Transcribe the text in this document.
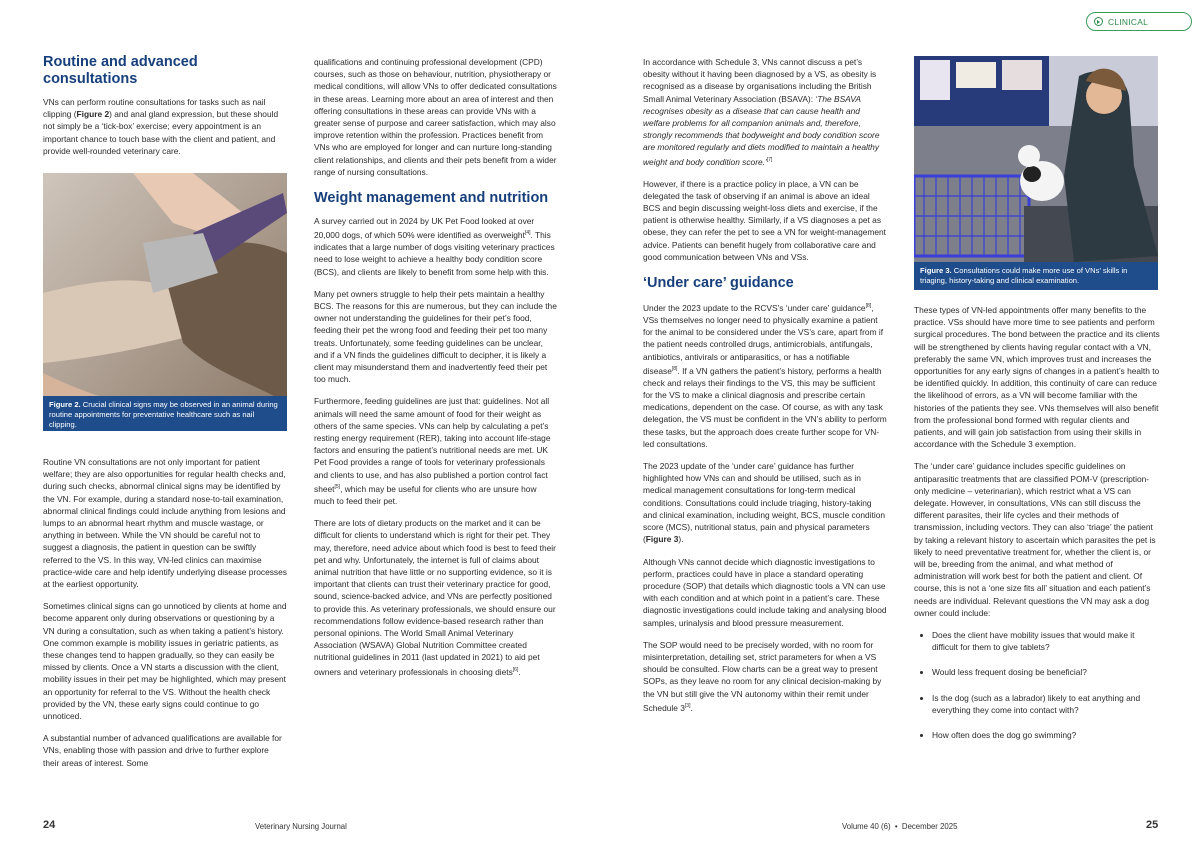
CLINICAL
Routine and advanced consultations

VNs can perform routine consultations for tasks such as nail clipping (Figure 2) and anal gland expression, but these should not simply be a ‘tick-box’ exercise; every appointment is an important chance to touch base with the client and patient, and provide well-rounded veterinary care.

Figure 2. Crucial clinical signs may be observed in an animal during routine appointments for preventative healthcare such as nail clipping.

Routine VN consultations are not only important for patient welfare; they are also opportunities for regular health checks and, during such checks, abnormal clinical signs may be identified by the VN. For example, during a standard nose-to-tail examination, abnormal clinical findings could include anything from lesions and lumps to an abnormal heart rhythm and muscle wastage, or anything in between. While the VN should be careful not to suggest a diagnosis, the patient in question can be swiftly referred to the VS. In this way, VN-led clinics can maximise practice-wide care and help identify underlying disease processes at the earliest opportunity.

Sometimes clinical signs can go unnoticed by clients at home and become apparent only during observations or questioning by a VN during a consultation, such as when taking a patient’s history. One common example is mobility issues in geriatric patients, as these changes tend to happen gradually, so they can easily be missed by clients. Once a VN starts a discussion with the client, mobility issues in their pet may be highlighted, which may present an opportunity for referral to the VS. Without the health check provided by the VN, these early signs could continue to go unnoticed.

A substantial number of advanced qualifications are available for VNs, enabling those with passion and drive to further explore their areas of interest. Some

qualifications and continuing professional development (CPD) courses, such as those on behaviour, nutrition, physiotherapy or medical conditions, will allow VNs to offer dedicated consultations in these areas. Learning more about an area of interest and then offering consultations in these areas can provide VNs with a greater sense of purpose and career satisfaction, which may also improve retention within the profession. Practices benefit from VNs who are employed for longer and can nurture long-standing client relationships, and clients and their pets benefit from a wider range of nursing consultations.

Weight management and nutrition

A survey carried out in 2024 by UK Pet Food looked at over 20,000 dogs, of which 50% were identified as overweight[4]. This indicates that a large number of dogs visiting veterinary practices need to lose weight to achieve a healthy body condition score (BCS), and clients are likely to benefit from some help with this.

Many pet owners struggle to help their pets maintain a healthy BCS. The reasons for this are numerous, but they can include the owner not understanding the guidelines for their pet’s food, feeding their pet the wrong food and feeding their pet too many treats. Unfortunately, some feeding guidelines can be unclear, and if a VN finds the guidelines difficult to decipher, it is likely a client may misunderstand them and inadvertently feed their pet too much.

Furthermore, feeding guidelines are just that: guidelines. Not all animals will need the same amount of food for their weight as others of the same species. VNs can help by calculating a pet’s resting energy requirement (RER), taking into account life-stage factors and ensuring the patient’s nutritional needs are met. UK Pet Food provides a range of tools for veterinary professionals and clients to use, and has also published a portion control fact sheet[5], which may be useful for clients who are unsure how much to feed their pet.

There are lots of dietary products on the market and it can be difficult for clients to understand which is right for their pet. They may, therefore, need advice about which food is best to feed their pet and why. Unfortunately, the internet is full of claims about animal nutrition that have little or no supporting evidence, so it is important that clients can trust their veterinary practice for good, sound, science-backed advice, and VNs are perfectly positioned to provide this. As veterinary professionals, we should ensure our recommendations follow evidence-based research rather than personal opinions. The World Small Animal Veterinary Association (WSAVA) Global Nutrition Committee created nutritional guidelines in 2011 (last updated in 2021) to aid pet owners and veterinary professionals in choosing diets[6].

In accordance with Schedule 3, VNs cannot discuss a pet’s obesity without it having been diagnosed by a VS, as obesity is recognised as a disease by organisations including the British Small Animal Veterinary Association (BSAVA): ‘The BSAVA recognises obesity as a disease that can cause health and welfare problems for all companion animals and, therefore, strongly recommends that bodyweight and body condition score are monitored regularly and diets modified to maintain a healthy weight and body condition score.’[7]

However, if there is a practice policy in place, a VN can be delegated the task of observing if an animal is above an ideal BCS and begin discussing weight-loss diets and exercise, if the patient is otherwise healthy. Similarly, if a VS diagnoses a pet as obese, they can refer the pet to see a VN for weight-management advice. Patients can benefit hugely from collaborative care and good communication between VNs and VSs.

‘Under care’ guidance

Under the 2023 update to the RCVS’s ‘under care’ guidance[8], VSs themselves no longer need to physically examine a patient for the animal to be considered under the VS’s care, apart from if the patient needs controlled drugs, antimicrobials, antifungals, antibiotics, antivirals or antiparasitics, or has a notifiable disease[8]. If a VN gathers the patient’s history, performs a health check and relays their findings to the VS, this may be sufficient for the VS to make a clinical diagnosis and prescribe certain medications, dependent on the case. Of course, as with any task delegation, the VS must be confident in the VN’s ability to perform these tasks, but the approach does create further scope for VN-led consultations.

The 2023 update of the ‘under care’ guidance has further highlighted how VNs can and should be utilised, such as in medical management consultations for long-term medical conditions. Consultations could include triaging, history-taking and clinical examination, including weight, BCS, muscle condition score (MCS), nutritional status, pain and physical parameters (Figure 3).

Although VNs cannot decide which diagnostic investigations to perform, practices could have in place a standard operating procedure (SOP) that details which diagnostic tools a VN can use with each condition and at which point in a patient’s care. These diagnostic investigations could include taking and analysing blood samples, urinalysis and blood pressure measurement.

The SOP would need to be precisely worded, with no room for misinterpretation, detailing set, strict parameters for when a VS should be consulted. Flow charts can be a great way to present SOPs, as they leave no room for any clinical decision-making by the VN but still give the VN autonomy within their remit under Schedule 3[3].

Figure 3. Consultations could make more use of VNs’ skills in triaging, history-taking and clinical examination.

These types of VN-led appointments offer many benefits to the practice. VSs should have more time to see patients and perform surgical procedures. The bond between the practice and its clients will be strengthened by clients having regular contact with a VN, preferably the same VN, which improves trust and increases the opportunities for any early signs of changes in a patient’s health to be identified quickly. In addition, this continuity of care can reduce the likelihood of errors, as a VN will become familiar with the histories of the patients they see. VNs themselves will also benefit from the professional bond formed with regular clients and patients, and will gain job satisfaction from using their skills in accordance with the Schedule 3 exemption.

The ‘under care’ guidance includes specific guidelines on antiparasitic treatments that are classified POM-V (prescription-only medicine – veterinarian), which restrict what a VS can delegate. However, in consultations, VNs can still discuss the different parasites, their life cycles and their methods of transmission, including vectors. They can also ‘triage’ the patient by taking a relevant history to ascertain which parasites the pet is likely to need preventative treatment for, whether the client is, or will be, breeding from the animal, and what method of administration will work best for both the patient and client. Of course, this is not a ‘one size fits all’ situation and each patient’s needs are individual. Relevant questions the VN may ask a dog owner could include:

• Does the client have mobility issues that would make it difficult for them to give tablets?
• Would less frequent dosing be beneficial?
• Is the dog (such as a labrador) likely to eat anything and everything they come into contact with?
• How often does the dog go swimming?
24	Veterinary Nursing Journal	Volume 40 (6)  •  December 2025	25
